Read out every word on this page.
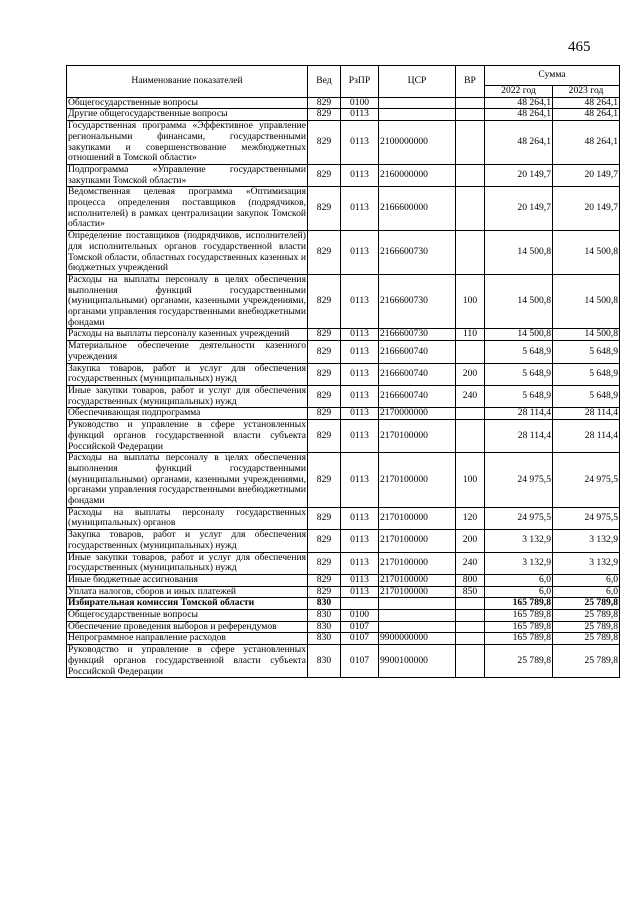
465
Наименование показателей	Вед	РзПР	ЦСР	ВР	Сумма	
					2022 год	2023 год
Общегосударственные вопросы	829	0100			48 264,1	48 264,1
Другие общегосударственные вопросы	829	0113			48 264,1	48 264,1
Государственная программа «Эффективное управление региональными финансами, государственными закупками и совершенствование межбюджетных отношений в Томской области»	829	0113	2100000000		48 264,1	48 264,1
Подпрограмма «Управление государственными закупками Томской области»	829	0113	2160000000		20 149,7	20 149,7
Ведомственная целевая программа «Оптимизация процесса определения поставщиков (подрядчиков, исполнителей) в рамках централизации закупок Томской области»	829	0113	2166600000		20 149,7	20 149,7
Определение поставщиков (подрядчиков, исполнителей) для исполнительных органов государственной власти Томской области, областных государственных казенных и бюджетных учреждений	829	0113	2166600730		14 500,8	14 500,8
Расходы на выплаты персоналу в целях обеспечения выполнения функций государственными (муниципальными) органами, казенными учреждениями, органами управления государственными внебюджетными фондами	829	0113	2166600730	100	14 500,8	14 500,8
Расходы на выплаты персоналу казенных учреждений	829	0113	2166600730	110	14 500,8	14 500,8
Материальное обеспечение деятельности казенного учреждения	829	0113	2166600740		5 648,9	5 648,9
Закупка товаров, работ и услуг для обеспечения государственных (муниципальных) нужд	829	0113	2166600740	200	5 648,9	5 648,9
Иные закупки товаров, работ и услуг для обеспечения государственных (муниципальных) нужд	829	0113	2166600740	240	5 648,9	5 648,9
Обеспечивающая подпрограмма	829	0113	2170000000		28 114,4	28 114,4
Руководство и управление в сфере установленных функций органов государственной власти субъекта Российской Федерации	829	0113	2170100000		28 114,4	28 114,4
Расходы на выплаты персоналу в целях обеспечения выполнения функций государственными (муниципальными) органами, казенными учреждениями, органами управления государственными внебюджетными фондами	829	0113	2170100000	100	24 975,5	24 975,5
Расходы на выплаты персоналу государственных (муниципальных) органов	829	0113	2170100000	120	24 975,5	24 975,5
Закупка товаров, работ и услуг для обеспечения государственных (муниципальных) нужд	829	0113	2170100000	200	3 132,9	3 132,9
Иные закупки товаров, работ и услуг для обеспечения государственных (муниципальных) нужд	829	0113	2170100000	240	3 132,9	3 132,9
Иные бюджетные ассигнования	829	0113	2170100000	800	6,0	6,0
Уплата налогов, сборов и иных платежей	829	0113	2170100000	850	6,0	6,0
Избирательная комиссия Томской области	830				165 789,8	25 789,8
Общегосударственные вопросы	830	0100			165 789,8	25 789,8
Обеспечение проведения выборов и референдумов	830	0107			165 789,8	25 789,8
Непрограммное направление расходов	830	0107	9900000000		165 789,8	25 789,8
Руководство и управление в сфере установленных функций органов государственной власти субъекта Российской Федерации	830	0107	9900100000		25 789,8	25 789,8
